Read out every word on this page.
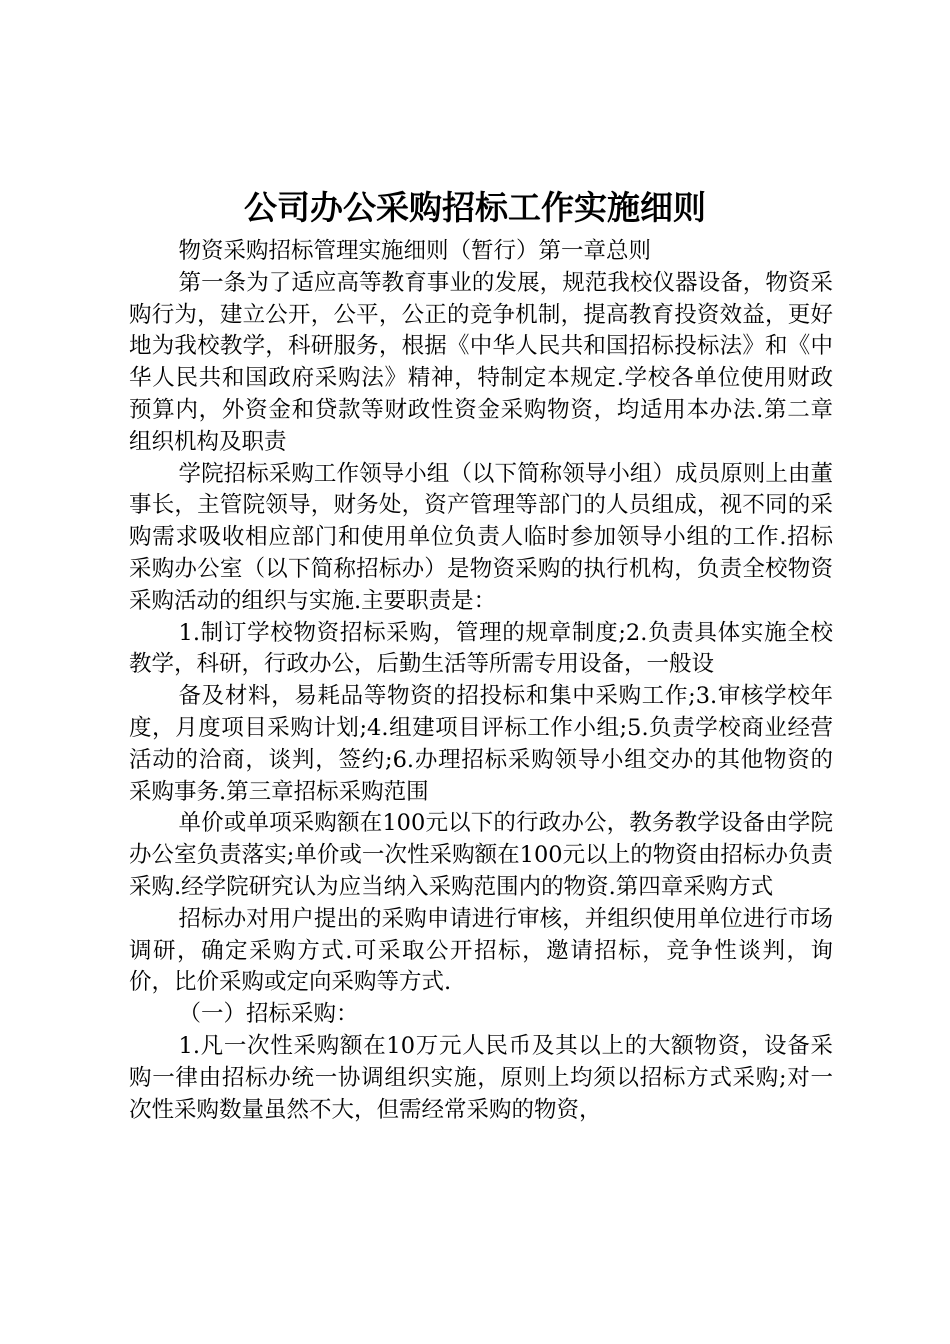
公司办公采购招标工作实施细则

物资采购招标管理实施细则（暂行）第一章总则

第一条为了适应高等教育事业的发展，规范我校仪器设备，物资采购行为，建立公开，公平，公正的竞争机制，提高教育投资效益，更好地为我校教学，科研服务，根据《中华人民共和国招标投标法》和《中华人民共和国政府采购法》精神，特制定本规定.学校各单位使用财政预算内，外资金和贷款等财政性资金采购物资，均适用本办法.第二章组织机构及职责

学院招标采购工作领导小组（以下简称领导小组）成员原则上由董事长，主管院领导，财务处，资产管理等部门的人员组成，视不同的采购需求吸收相应部门和使用单位负责人临时参加领导小组的工作.招标采购办公室（以下简称招标办）是物资采购的执行机构，负责全校物资采购活动的组织与实施.主要职责是：

1.制订学校物资招标采购，管理的规章制度;2.负责具体实施全校教学，科研，行政办公，后勤生活等所需专用设备，一般设

备及材料，易耗品等物资的招投标和集中采购工作;3.审核学校年度，月度项目采购计划;4.组建项目评标工作小组;5.负责学校商业经营活动的洽商，谈判，签约;6.办理招标采购领导小组交办的其他物资的采购事务.第三章招标采购范围

单价或单项采购额在100元以下的行政办公，教务教学设备由学院办公室负责落实;单价或一次性采购额在100元以上的物资由招标办负责采购.经学院研究认为应当纳入采购范围内的物资.第四章采购方式

招标办对用户提出的采购申请进行审核，并组织使用单位进行市场调研，确定采购方式.可采取公开招标，邀请招标，竞争性谈判，询价，比价采购或定向采购等方式.

（一）招标采购：

1.凡一次性采购额在10万元人民币及其以上的大额物资，设备采购一律由招标办统一协调组织实施，原则上均须以招标方式采购;对一次性采购数量虽然不大，但需经常采购的物资，
